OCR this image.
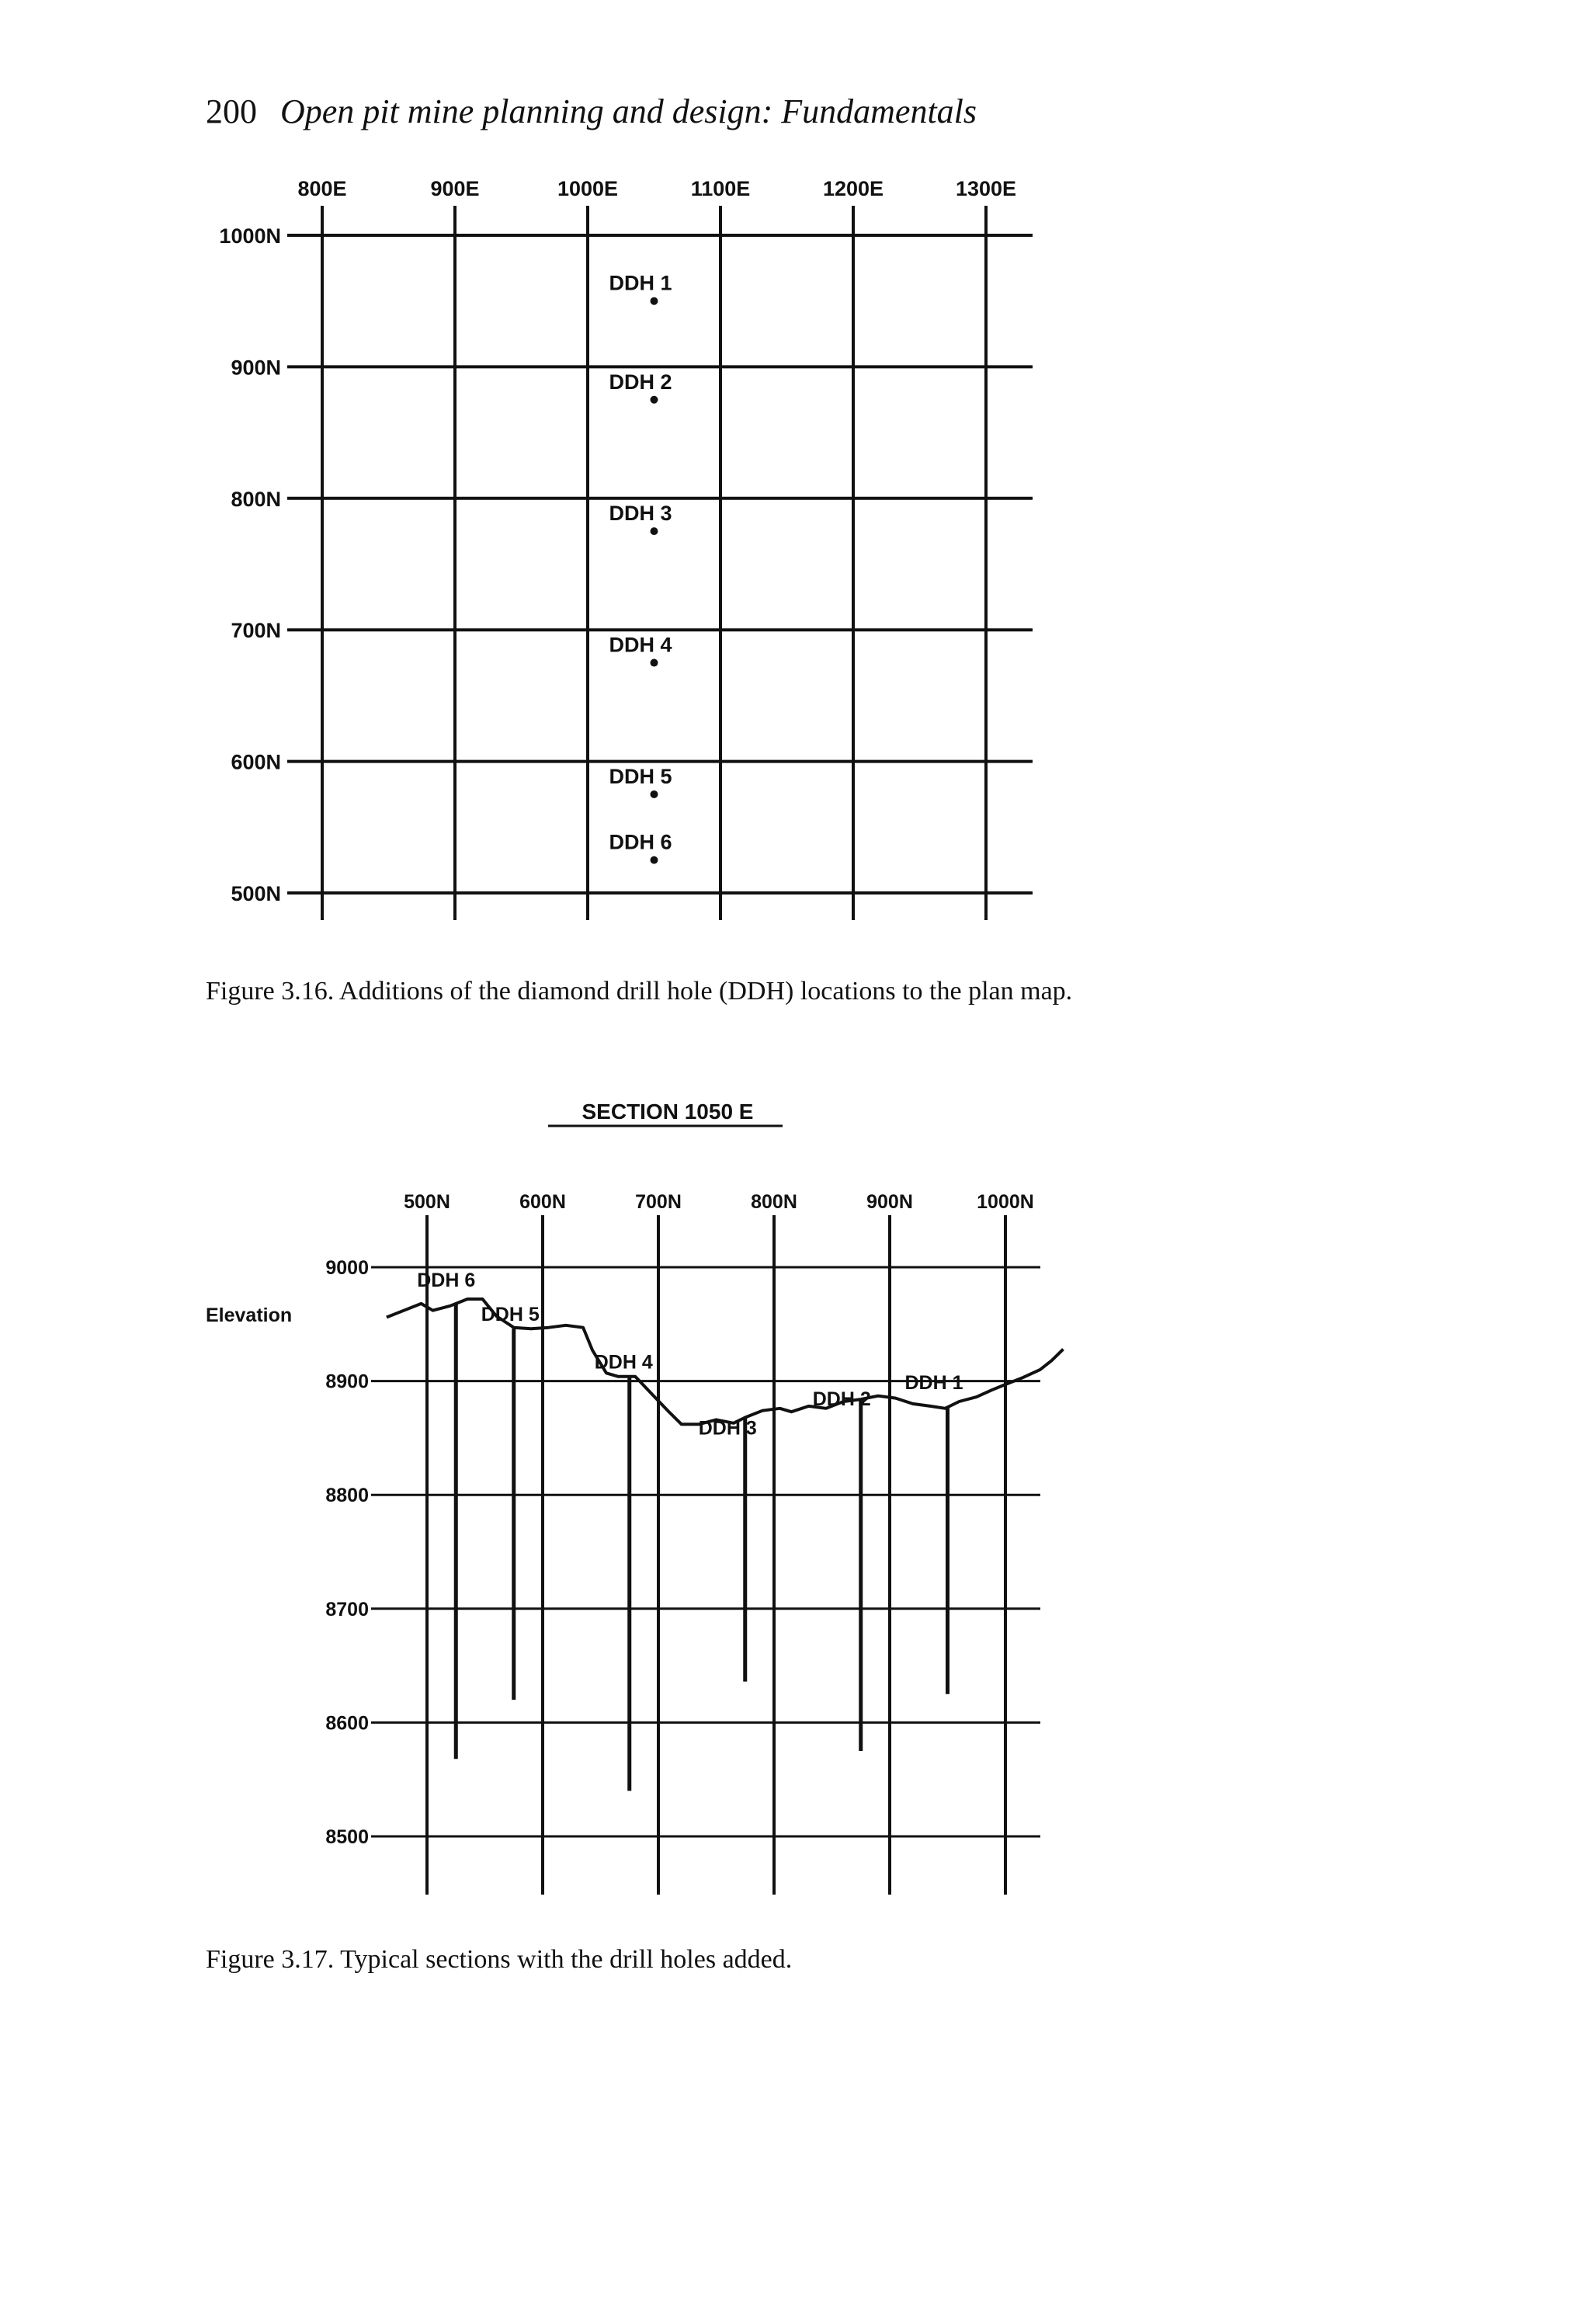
200 Open pit mine planning and design: Fundamentals
800E	900E	1000E	1100E	1200E	1300E
1000N
900N
800N
700N
600N
500N
DDH 1
DDH 2
DDH 3
DDH 4
DDH 5
DDH 6
Figure 3.16. Additions of the diamond drill hole (DDH) locations to the plan map.
SECTION 1050 E
Elevation
500N	600N	700N	800N	900N	1000N
9000
8900
8800
8700
8600
8500
DDH 6
DDH 5
DDH 4
DDH 3
DDH 2
DDH 1
Figure 3.17. Typical sections with the drill holes added.
